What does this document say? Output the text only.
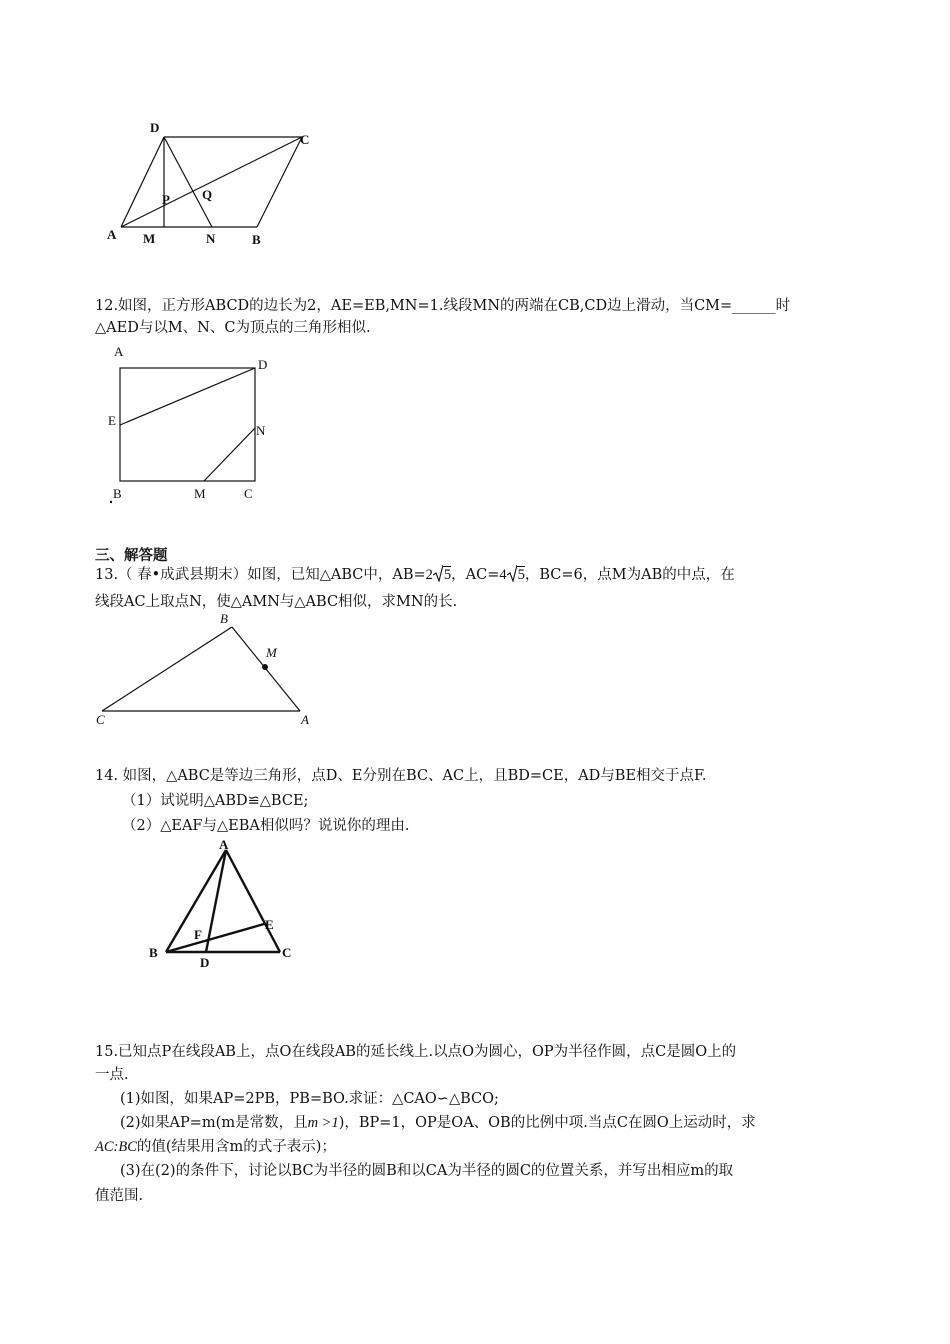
D
C
P Q
A M	N	B
12.如图，正方形ABCD的边长为2，AE=EB,MN=1.线段MN的两端在CB,CD边上滑动，当CM=______时
△AED与以M、N、C为顶点的三角形相似.
A
D
E
N
B	M	C
三、解答题
13.（ 春•成武县期末）如图，已知△ABC中，AB=2 5，AC=4 5，BC=6，点M为AB的中点，在
线段AC上取点N，使△AMN与△ABC相似，求MN的长.
B
M
C	A
14. 如图，△ABC是等边三角形，点D、E分别在BC、AC上，且BD=CE，AD与BE相交于点F.
（1）试说明△ABD≌△BCE;
（2）△EAF与△EBA相似吗？说说你的理由.
A
E
F
B
D
C
15.已知点P在线段AB上，点O在线段AB的延长线上.以点O为圆心，OP为半径作圆，点C是圆O上的
一点.
(1)如图，如果AP=2PB，PB=BO.求证：△CAO∽△BCO;
(2)如果AP=m(m是常数，且m >1)，BP=1，OP是OA、OB的比例中项.当点C在圆O上运动时，求
AC:BC的值(结果用含m的式子表示)；
(3)在(2)的条件下，讨论以BC为半径的圆B和以CA为半径的圆C的位置关系，并写出相应m的取
值范围.
